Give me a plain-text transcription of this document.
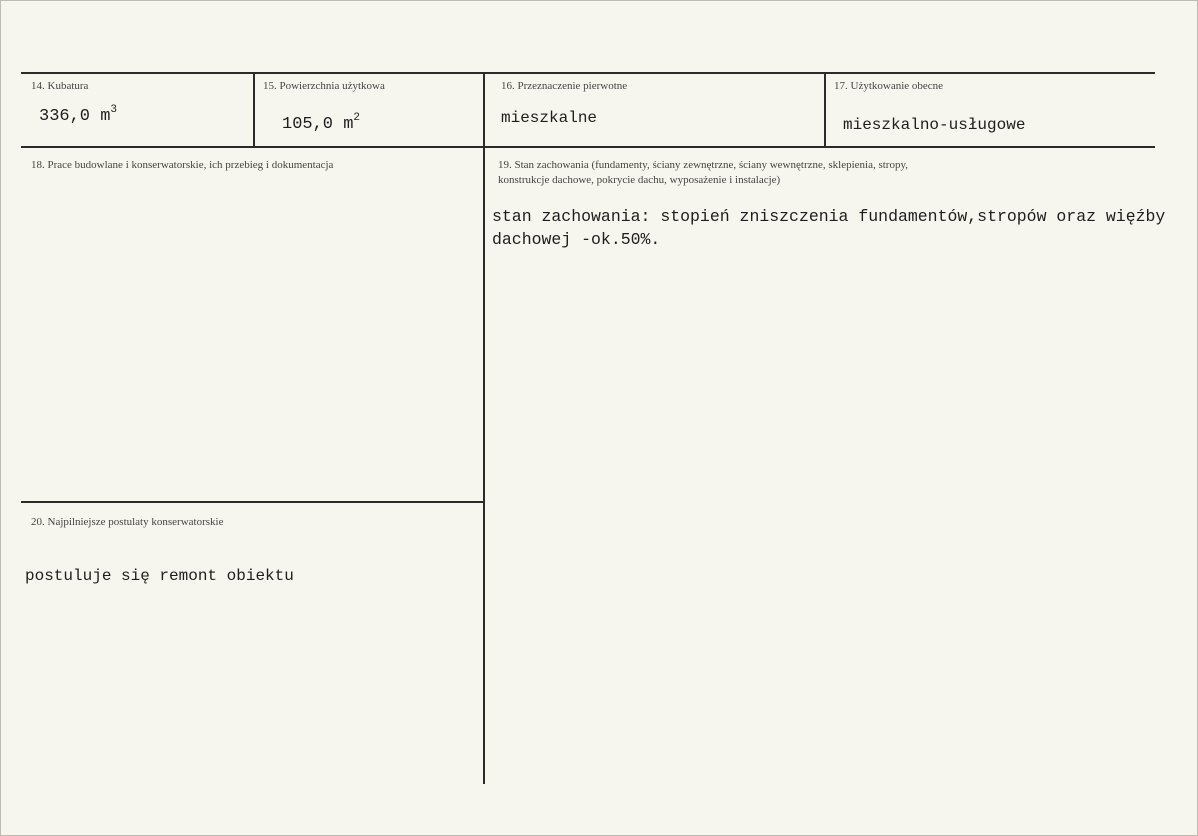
14. Kubatura
336,0 $m^3$
15. Powierzchnia użytkowa
105,0 $m^2$
16. Przeznaczenie pierwotne
mieszkalne
17. Użytkowanie obecne
mieszkalno-usługowe
18. Prace budowlane i konserwatorskie, ich przebieg i dokumentacja	19. Stan zachowania (fundamenty, ściany zewnętrzne, ściany wewnętrzne, sklepienia, stropy,
konstrukcje dachowe, pokrycie dachu, wyposażenie i instalacje)
stan zachowania: stopień zniszczenia fundamentów,stropów oraz więźby
dachowej -ok.50%.
20. Najpilniejsze postulaty konserwatorskie
postuluje się remont obiektu
